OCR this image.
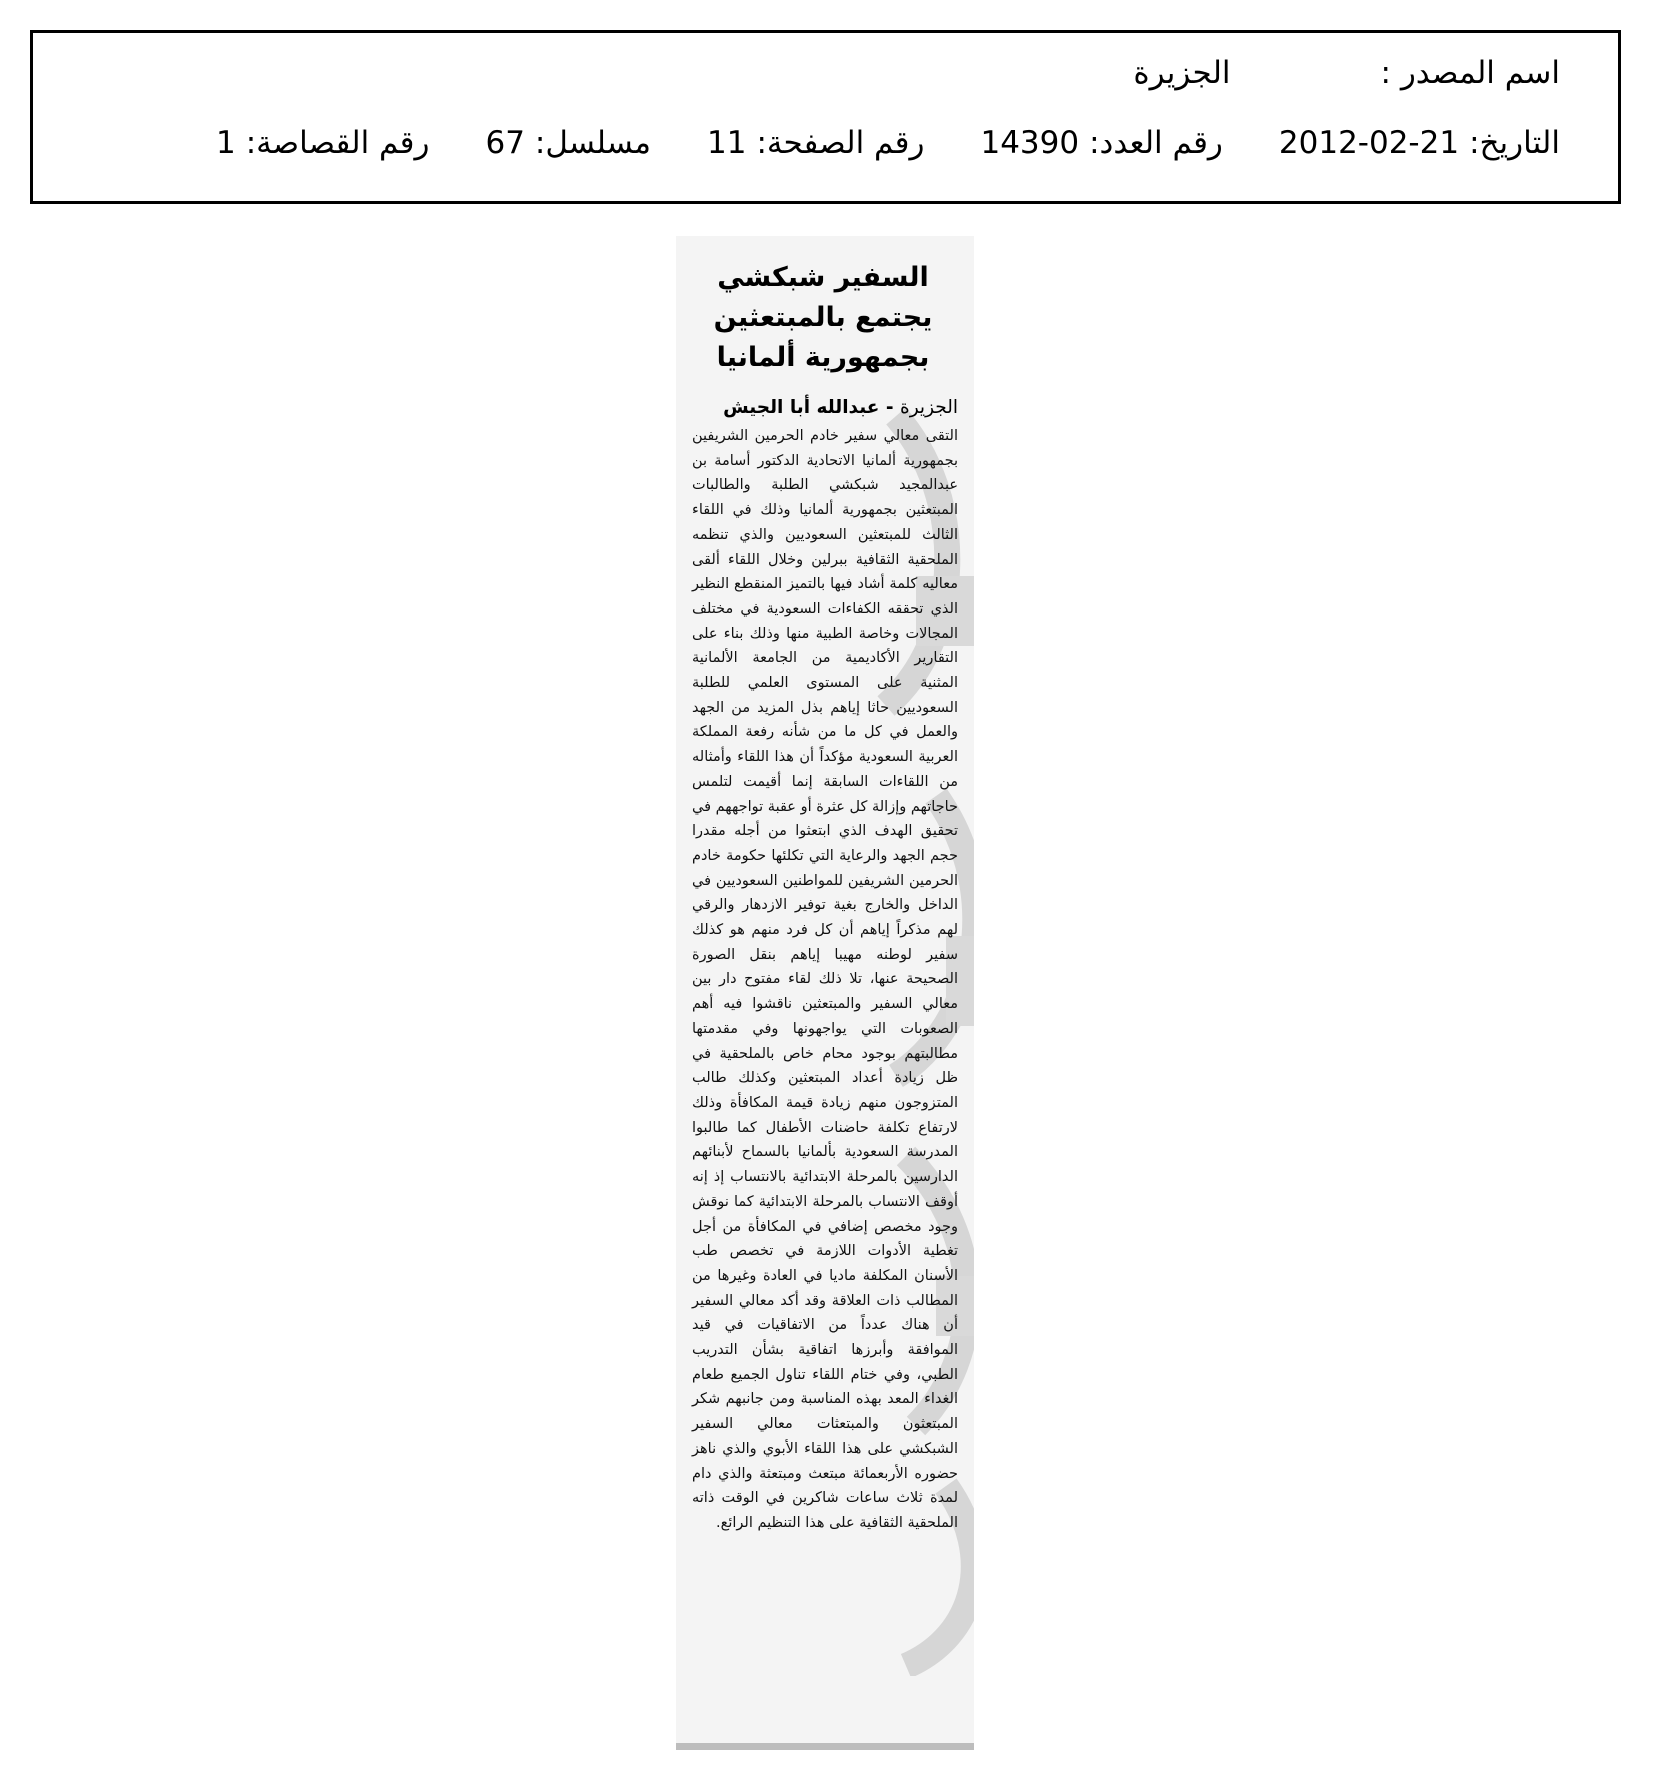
اسم المصدر :
الجزيرة
التاريخ:
2012-02-21
رقم العدد:
14390
رقم الصفحة:
11
مسلسل:
67
رقم القصاصة:
1
السفير شبكشي يجتمع بالمبتعثين بجمهورية ألمانيا
الجزيرة - عبدالله أبا الجيش
التقى معالي سفير خادم الحرمين الشريفين بجمهورية ألمانيا الاتحادية الدكتور أسامة بن عبدالمجيد شبكشي الطلبة والطالبات المبتعثين بجمهورية ألمانيا وذلك في اللقاء الثالث للمبتعثين السعوديين والذي تنظمه الملحقية الثقافية ببرلين وخلال اللقاء ألقى معاليه كلمة أشاد فيها بالتميز المنقطع النظير الذي تحققه الكفاءات السعودية في مختلف المجالات وخاصة الطبية منها وذلك بناء على التقارير الأكاديمية من الجامعة الألمانية المثنية على المستوى العلمي للطلبة السعوديين حاثا إياهم بذل المزيد من الجهد والعمل في كل ما من شأنه رفعة المملكة العربية السعودية مؤكداً أن هذا اللقاء وأمثاله من اللقاءات السابقة إنما أقيمت لتلمس حاجاتهم وإزالة كل عثرة أو عقبة تواجههم في تحقيق الهدف الذي ابتعثوا من أجله مقدرا حجم الجهد والرعاية التي تكلئها حكومة خادم الحرمين الشريفين للمواطنين السعوديين في الداخل والخارج بغية توفير الازدهار والرقي لهم مذكراً إياهم أن كل فرد منهم هو كذلك سفير لوطنه مهيبا إياهم بنقل الصورة الصحيحة عنها، تلا ذلك لقاء مفتوح دار بين معالي السفير والمبتعثين ناقشوا فيه أهم الصعوبات التي يواجهونها وفي مقدمتها مطالبتهم بوجود محام خاص بالملحقية في ظل زيادة أعداد المبتعثين وكذلك طالب المتزوجون منهم زيادة قيمة المكافأة وذلك لارتفاع تكلفة حاضنات الأطفال كما طالبوا المدرسة السعودية بألمانيا بالسماح لأبنائهم الدارسين بالمرحلة الابتدائية بالانتساب إذ إنه أوقف الانتساب بالمرحلة الابتدائية كما نوقش وجود مخصص إضافي في المكافأة من أجل تغطية الأدوات اللازمة في تخصص طب الأسنان المكلفة ماديا في العادة وغيرها من المطالب ذات العلاقة وقد أكد معالي السفير أن هناك عدداً من الاتفاقيات في قيد الموافقة وأبرزها اتفاقية بشأن التدريب الطبي، وفي ختام اللقاء تناول الجميع طعام الغداء المعد بهذه المناسبة ومن جانبهم شكر المبتعثون والمبتعثات معالي السفير الشبكشي على هذا اللقاء الأبوي والذي ناهز حضوره الأربعمائة مبتعث ومبتعثة والذي دام لمدة ثلاث ساعات شاكرين في الوقت ذاته الملحقية الثقافية على هذا التنظيم الرائع.
